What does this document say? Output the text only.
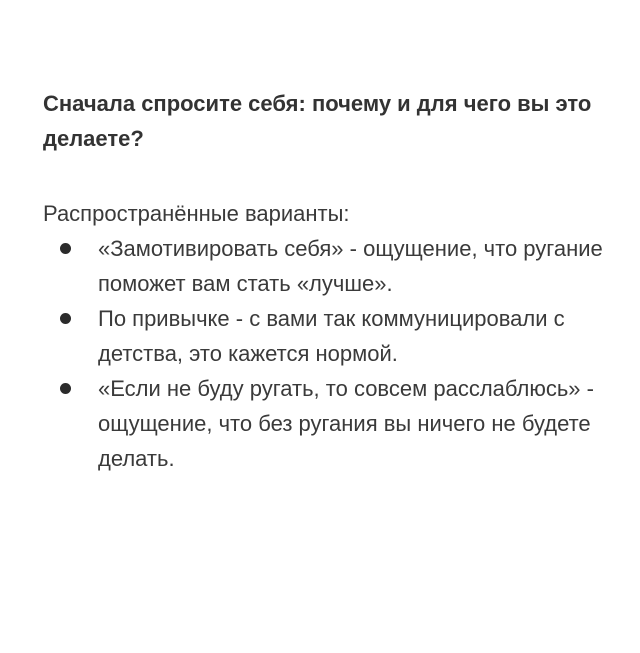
Сначала спросите себя: почему и для чего вы это делаете?

Распространённые варианты:

«Замотивировать себя» - ощущение, что ругание поможет вам стать «лучше».
По привычке - с вами так коммуницировали с детства, это кажется нормой.
«Если не буду ругать, то совсем расслаблюсь» - ощущение, что без ругания вы ничего не будете делать.
